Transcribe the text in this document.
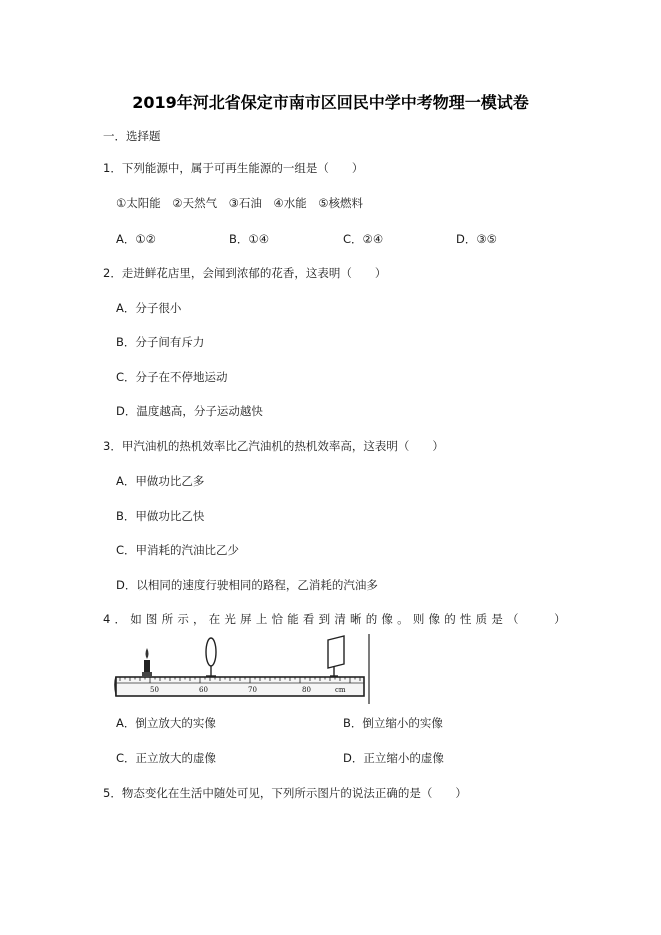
2019年河北省保定市南市区回民中学中考物理一模试卷
一．选择题
1．下列能源中，属于可再生能源的一组是（　　）
①太阳能　②天然气　③石油　④水能　⑤核燃料
A．①②	B．①④	C．②④	D．③⑤
2．走进鲜花店里，会闻到浓郁的花香，这表明（　　）
A．分子很小
B．分子间有斥力
C．分子在不停地运动
D．温度越高，分子运动越快
3．甲汽油机的热机效率比乙汽油机的热机效率高，这表明（　　）
A．甲做功比乙多
B．甲做功比乙快
C．甲消耗的汽油比乙少
D．以相同的速度行驶相同的路程，乙消耗的汽油多
4．如图所示，在光屏上恰能看到清晰的像。则像的性质是（　　）
50	60	70	80	cm
A．倒立放大的实像	B．倒立缩小的实像
C．正立放大的虚像	D．正立缩小的虚像
5．物态变化在生活中随处可见，下列所示图片的说法正确的是（　　）
